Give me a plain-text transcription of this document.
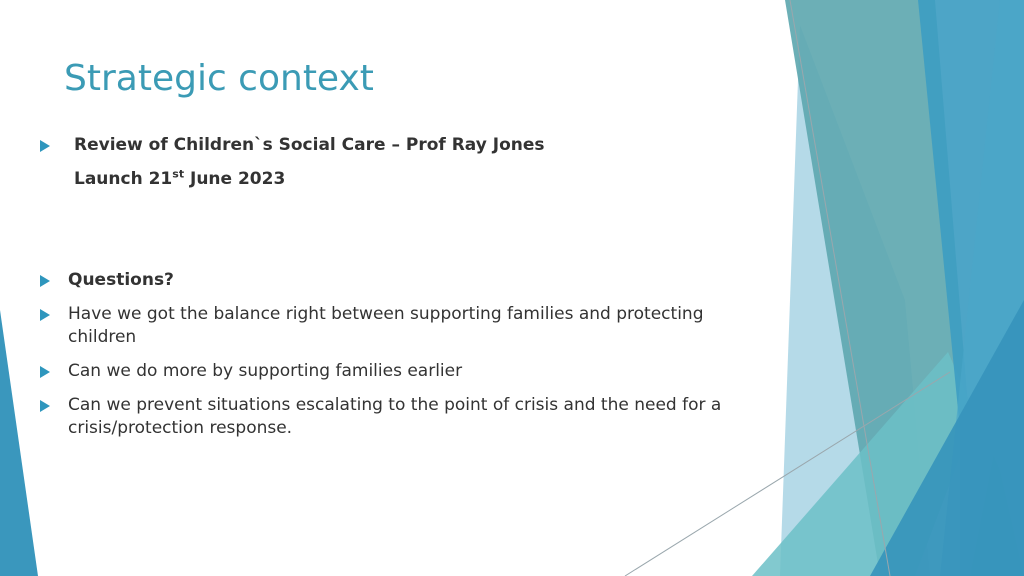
Strategic context
Review of Children`s Social Care – Prof Ray Jones
Launch 21st June 2023
Questions?
Have we got the balance right between supporting families and protecting children
Can we do more by supporting families earlier
Can we prevent situations escalating to the point of crisis and the need for a crisis/protection response.
